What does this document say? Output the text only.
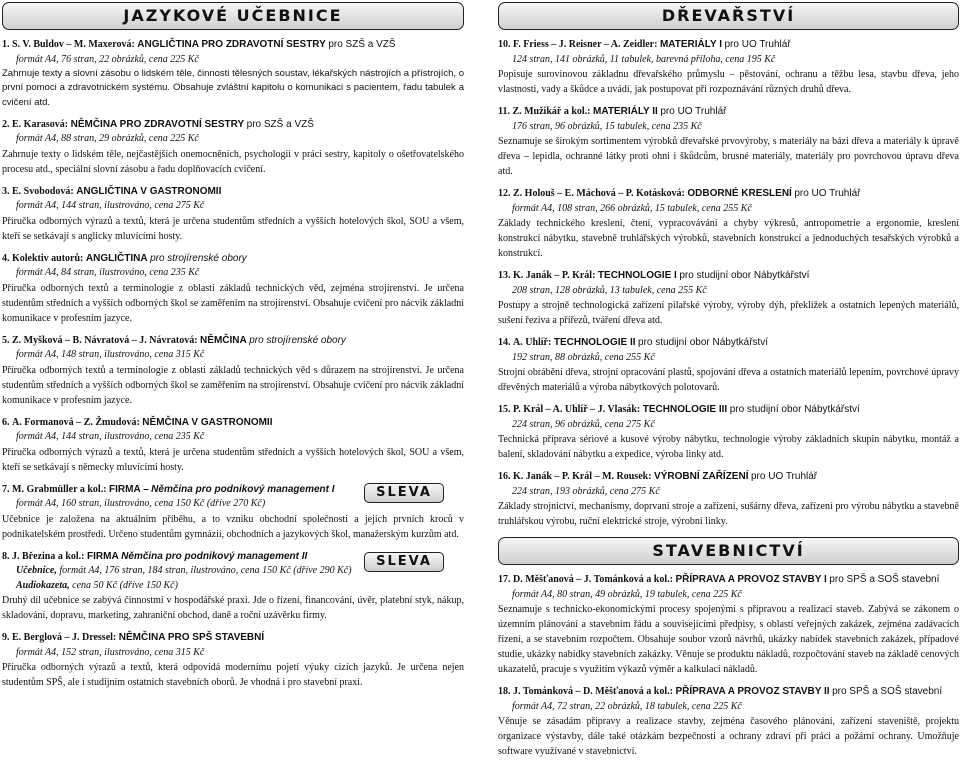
JAZYKOVÉ UČEBNICE
1. S. V. Buldov – M. Maxerová: ANGLIČTINA PRO ZDRAVOTNÍ SESTRY pro SZŠ a VZŠ
formát A4, 76 stran, 22 obrázků, cena 225 Kč
Zahrnuje texty a slovní zásobu o lidském těle, činnosti tělesných soustav, lékařských nástrojích a přístrojích, o první pomoci a zdravotnickém systému. Obsahuje zvláštní kapitolu o komunikaci s pacientem, řadu tabulek a cvičení atd.
2. E. Karasová: NĚMČINA PRO ZDRAVOTNÍ SESTRY pro SZŠ a VZŠ
formát A4, 88 stran, 29 obrázků, cena 225 Kč
Zahrnuje texty o lidském těle, nejčastějších onemocněních, psychologii v práci sestry, kapitoly o ošetřovatelského procesu atd., speciální slovní zásobu a řadu doplňovacích cvičení.
3. E. Svobodová: ANGLIČTINA V GASTRONOMII
formát A4, 144 stran, ilustrováno, cena 275 Kč
Příručka odborných výrazů a textů, která je určena studentům středních a vyšších hotelových škol, SOU a všem, kteří se setkávají s anglicky mluvícími hosty.
4. Kolektiv autorů: ANGLIČTINA pro strojírenské obory
formát A4, 84 stran, ilustrováno, cena 235 Kč
Příručka odborných textů a terminologie z oblasti základů technických věd, zejména strojírenství. Je určena studentům středních a vyšších odborných škol se zaměřením na strojírenství. Obsahuje cvičení pro nácvik základní komunikace v profesním jazyce.
5. Z. Myšková – B. Návratová – J. Návratová: NĚMČINA pro strojírenské obory
formát A4, 148 stran, ilustrováno, cena 315 Kč
Příručka odborných textů a terminologie z oblasti základů technických věd s důrazem na strojírenství. Je určena studentům středních a vyšších odborných škol se zaměřením na strojírenství. Obsahuje cvičení pro nácvik základní komunikace v profesním jazyce.
6. A. Formanová – Z. Žmudová: NĚMČINA V GASTRONOMII
formát A4, 144 stran, ilustrováno, cena 235 Kč
Příručka odborných výrazů a textů, která je určena studentům středních a vyšších hotelových škol, SOU a všem, kteří se setkávají s německy mluvícími hosty.
SLEVA
7. M. Grabmüller a kol.: FIRMA – Němčina pro podnikový management I
formát A4, 160 stran, ilustrováno, cena 150 Kč (dříve 270 Kč)
Učebnice je založena na aktuálním příběhu, a to vzniku obchodní společnosti a jejích prvních kroců v podnikatelském prostředí. Určeno studentům gymnázií, obchodních a jazykových škol, manažerským kurzům atd.
SLEVA
8. J. Březina a kol.: FIRMA Němčina pro podnikový management II
Učebnice, formát A4, 176 stran, 184 stran, ilustrováno, cena 150 Kč (dříve 290 Kč)
Audiokazeta, cena 50 Kč (dříve 150 Kč)
Druhý díl učebnice se zabývá činnostmi v hospodářské praxi. Jde o řízení, financování, úvěr, platební styk, nákup, skladování, dopravu, marketing, zahraniční obchod, daně a roční uzávěrku firmy.
9. E. Berglová – J. Dressel: NĚMČINA PRO SPŠ STAVEBNÍ
formát A4, 152 stran, ilustrováno, cena 315 Kč
Příručka odborných výrazů a textů, která odpovídá modernímu pojetí výuky cizích jazyků. Je určena nejen studentům SPŠ, ale i studijním ostatních stavebních oborů. Je vhodná i pro stavební praxi.
DŘEVAŘSTVÍ
10. F. Friess – J. Reisner – A. Zeidler: MATERIÁLY I pro UO Truhlář
124 stran, 141 obrázků, 11 tabulek, barevná příloha, cena 195 Kč
Popisuje surovinovou základnu dřevařského průmyslu – pěstování, ochranu a těžbu lesa, stavbu dřeva, jeho vlastnosti, vady a škůdce a uvádí, jak postupovat při rozpoznávání různých druhů dřeva.
11. Z. Mužikář a kol.: MATERIÁLY II pro UO Truhlář
176 stran, 96 obrázků, 15 tabulek, cena 235 Kč
Seznamuje se širokým sortimentem výrobků dřevařské prvovýroby, s materiály na bázi dřeva a materiály k úpravě dřeva – lepidla, ochranné látky proti ohni i škůdcům, brusné materiály, materiály pro povrchovou úpravu dřeva atd.
12. Z. Holouš – E. Máchová – P. Kotásková: ODBORNÉ KRESLENÍ pro UO Truhlář
formát A4, 108 stran, 266 obrázků, 15 tabulek, cena 255 Kč
Základy technického kreslení, čtení, vypracovávání a chyby výkresů, antropometrie a ergonomie, kreslení konstrukcí nábytku, stavebně truhlářských výrobků, stavebních konstrukcí a jednoduchých tesařských výrobků a konstrukcí.
13. K. Janák – P. Král: TECHNOLOGIE I pro studijní obor Nábytkářství
208 stran, 128 obrázků, 13 tabulek, cena 255 Kč
Postupy a strojně technologická zařízení pilařské výroby, výroby dýh, překližek a ostatních lepených materiálů, sušení řeziva a přířezů, tváření dřeva atd.
14. A. Uhlíř: TECHNOLOGIE II pro studijní obor Nábytkářství
192 stran, 88 obrázků, cena 255 Kč
Strojní obrábění dřeva, strojní opracování plastů, spojování dřeva a ostatních materiálů lepením, povrchové úpravy dřevěných materiálů a výroba nábytkových polotovarů.
15. P. Král – A. Uhlíř – J. Vlasák: TECHNOLOGIE III pro studijní obor Nábytkářství
224 stran, 96 obrázků, cena 275 Kč
Technická příprava sériové a kusové výroby nábytku, technologie výroby základních skupin nábytku, montáž a balení, skladování nábytku a expedice, výroba linky atd.
16. K. Janák – P. Král – M. Rousek: VÝROBNÍ ZAŘÍZENÍ pro UO Truhlář
224 stran, 193 obrázků, cena 275 Kč
Základy strojnictví, mechanismy, doprvaní stroje a zařízení, sušárny dřeva, zařízení pro výrobu nábytku a stavebně truhlářskou výrobu, ruční elektrické stroje, výrobní linky.
STAVEBNICTVÍ
17. D. Měšťanová – J. Tománková a kol.: PŘÍPRAVA A PROVOZ STAVBY I pro SPŠ a SOŠ stavební
formát A4, 80 stran, 49 obrázků, 19 tabulek, cena 225 Kč
Seznamuje s technicko-ekonomickými procesy spojenými s přípravou a realizací staveb. Zabývá se zákonem o územním plánování a stavebním řádu a souvisejícími předpisy, s oblastí veřejných zakázek, zejména zadávacích řízení, a se stavebním rozpočtem. Obsahuje soubor vzorů návrhů, ukázky nabídek stavebních zakázek, případové studie, ukázky nabídky stavebních zakázky. Věnuje se produktu nákladů, rozpočtování staveb na základě cenových ukazatelů, pracuje s využitím výkazů výměr a kalkulací nákladů.
18. J. Tománková – D. Měšťanová a kol.: PŘÍPRAVA A PROVOZ STAVBY II pro SPŠ a SOŠ stavební
formát A4, 72 stran, 22 obrázků, 18 tabulek, cena 225 Kč
Věnuje se zásadám přípravy a realizace stavby, zejména časového plánování, zařízení staveniště, projektu organizace výstavby, dále také otázkám bezpečnosti a ochrany zdraví při práci a požární ochrany. Umožňuje software využívané v stavebnictví.
